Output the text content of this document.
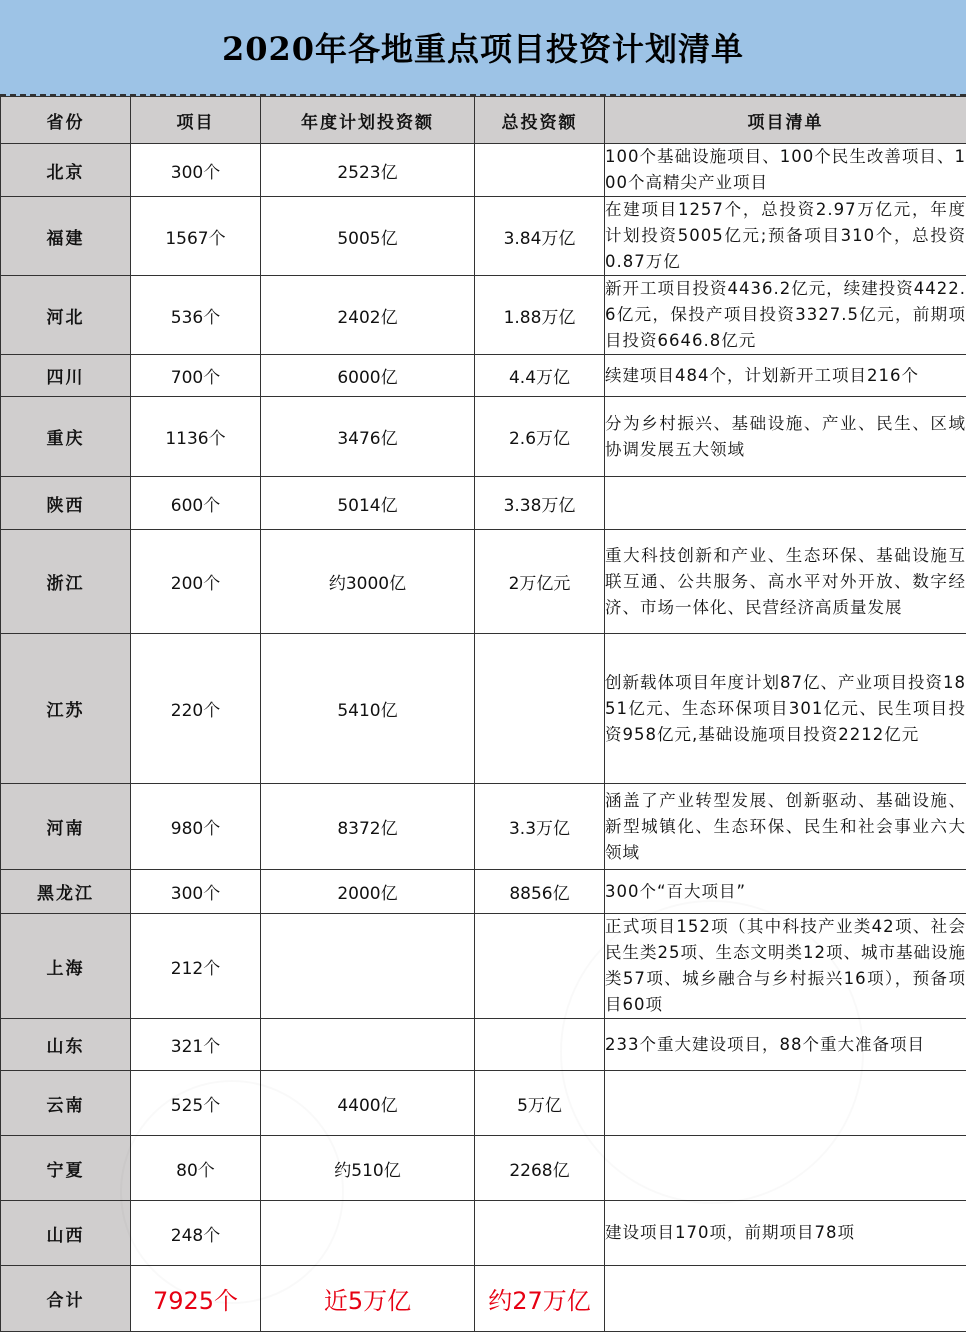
2020年各地重点项目投资计划清单
省份	项目	年度计划投资额	总投资额	项目清单
北京	300个	2523亿		100个基础设施项目、100个民生改善项目、100个高精尖产业项目
福建	1567个	5005亿	3.84万亿	在建项目1257个，总投资2.97万亿元，年度计划投资5005亿元;预备项目310个，总投资0.87万亿
河北	536个	2402亿	1.88万亿	新开工项目投资4436.2亿元，续建投资4422.6亿元，保投产项目投资3327.5亿元，前期项目投资6646.8亿元
四川	700个	6000亿	4.4万亿	续建项目484个，计划新开工项目216个
重庆	1136个	3476亿	2.6万亿	分为乡村振兴、基础设施、产业、民生、区域协调发展五大领域
陕西	600个	5014亿	3.38万亿	
浙江	200个	约3000亿	2万亿元	重大科技创新和产业、生态环保、基础设施互联互通、公共服务、高水平对外开放、数字经济、市场一体化、民营经济高质量发展
江苏	220个	5410亿		创新载体项目年度计划87亿、产业项目投资1851亿元、生态环保项目301亿元、民生项目投资958亿元,基础设施项目投资2212亿元
河南	980个	8372亿	3.3万亿	涵盖了产业转型发展、创新驱动、基础设施、新型城镇化、生态环保、民生和社会事业六大领域
黑龙江	300个	2000亿	8856亿	300个“百大项目”
上海	212个			正式项目152项（其中科技产业类42项、社会民生类25项、生态文明类12项、城市基础设施类57项、城乡融合与乡村振兴16项），预备项目60项
山东	321个			233个重大建设项目，88个重大准备项目
云南	525个	4400亿	5万亿	
宁夏	80个	约510亿	2268亿	
山西	248个			建设项目170项，前期项目78项
合计	7925个	近5万亿	约27万亿	
